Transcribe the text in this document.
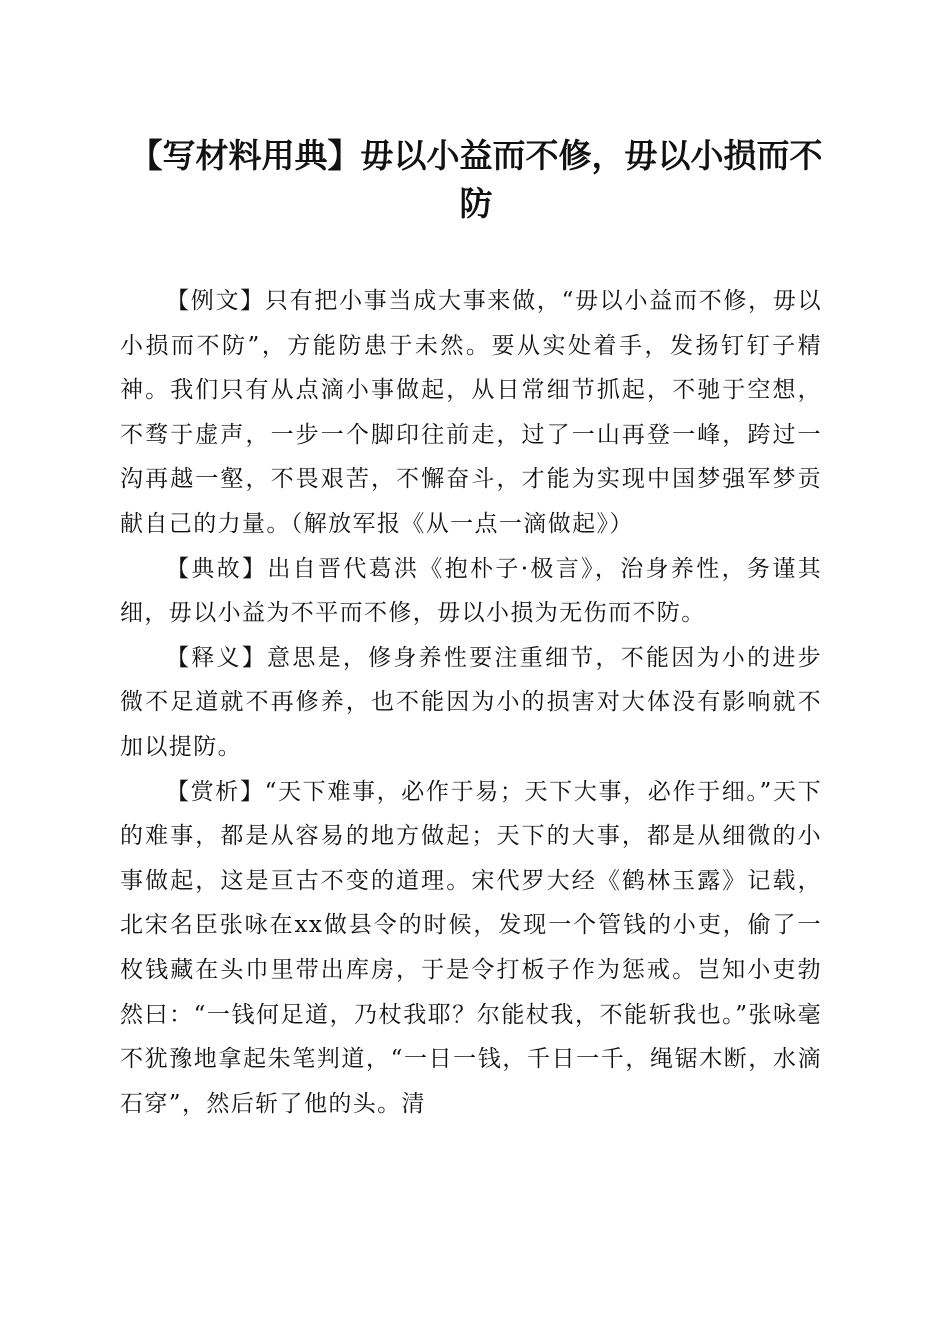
【写材料用典】毋以小益而不修，毋以小损而不防

【例文】只有把小事当成大事来做，“毋以小益而不修，毋以小损而不防”，方能防患于未然。要从实处着手，发扬钉钉子精神。我们只有从点滴小事做起，从日常细节抓起，不驰于空想，不骛于虚声，一步一个脚印往前走，过了一山再登一峰，跨过一沟再越一壑，不畏艰苦，不懈奋斗，才能为实现中国梦强军梦贡献自己的力量。（解放军报《从一点一滴做起》）

【典故】出自晋代葛洪《抱朴子·极言》，治身养性，务谨其细，毋以小益为不平而不修，毋以小损为无伤而不防。

【释义】意思是，修身养性要注重细节，不能因为小的进步微不足道就不再修养，也不能因为小的损害对大体没有影响就不加以提防。

【赏析】“天下难事，必作于易；天下大事，必作于细。”天下的难事，都是从容易的地方做起；天下的大事，都是从细微的小事做起，这是亘古不变的道理。宋代罗大经《鹤林玉露》记载，北宋名臣张咏在xx做县令的时候，发现一个管钱的小吏，偷了一枚钱藏在头巾里带出库房，于是令打板子作为惩戒。岂知小吏勃然曰：“一钱何足道，乃杖我耶？尔能杖我，不能斩我也。”张咏毫不犹豫地拿起朱笔判道，“一日一钱，千日一千，绳锯木断，水滴石穿”，然后斩了他的头。清
